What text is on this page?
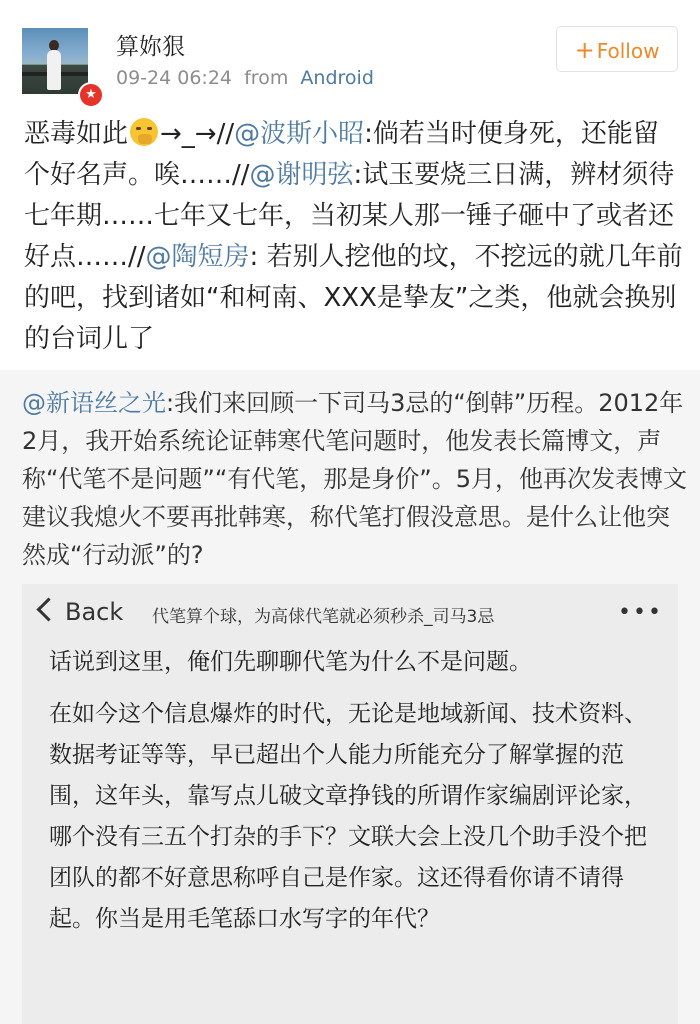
★
算妳狠
09-24 06:24 from Android
+ Follow
恶毒如此 →_→//@波斯小昭:倘若当时便身死，还能留个好名声。唉……//@谢明弦:试玉要烧三日满，辨材须待七年期……七年又七年，当初某人那一锤子砸中了或者还好点……//@陶短房: 若别人挖他的坟，不挖远的就几年前的吧，找到诸如“和柯南、XXX是挚友”之类，他就会换别的台词儿了
@新语丝之光:我们来回顾一下司马3忌的“倒韩”历程。2012年2月，我开始系统论证韩寒代笔问题时，他发表长篇博文，声称“代笔不是问题”“有代笔，那是身价”。5月，他再次发表博文建议我熄火不要再批韩寒，称代笔打假没意思。是什么让他突然成“行动派”的?
Back 代笔算个球，为高俅代笔就必须秒杀_司马3忌	•••

话说到这里，俺们先聊聊代笔为什么不是问题。

在如今这个信息爆炸的时代，无论是地域新闻、技术资料、数据考证等等，早已超出个人能力所能充分了解掌握的范围，这年头，靠写点儿破文章挣钱的所谓作家编剧评论家，哪个没有三五个打杂的手下？文联大会上没几个助手没个把团队的都不好意思称呼自己是作家。这还得看你请不请得起。你当是用毛笔舔口水写字的年代？
